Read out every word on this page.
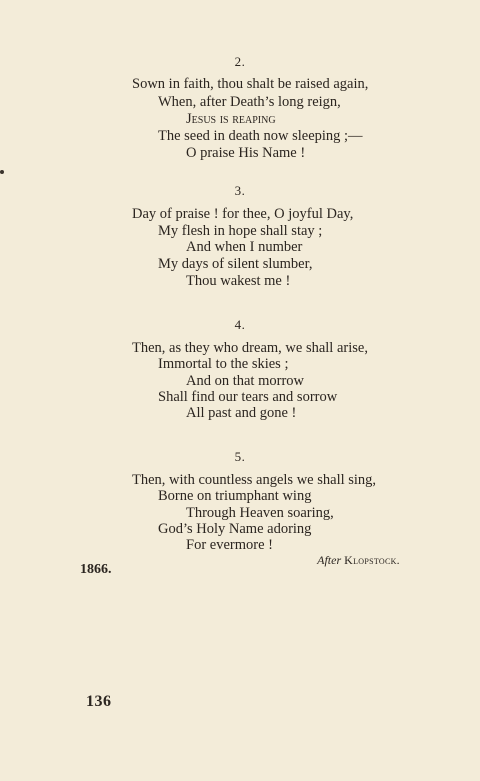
2.
Sown in faith, thou shalt be raised again,
When, after Death’s long reign,
Jesus is reaping
The seed in death now sleeping ;—
O praise His Name !
3.
Day of praise ! for thee, O joyful Day,
My flesh in hope shall stay ;
And when I number
My days of silent slumber,
Thou wakest me !
4.
Then, as they who dream, we shall arise,
Immortal to the skies ;
And on that morrow
Shall find our tears and sorrow
All past and gone !
5.
Then, with countless angels we shall sing,
Borne on triumphant wing
Through Heaven soaring,
God’s Holy Name adoring
For evermore !
After Klopstock.
1866.
136
